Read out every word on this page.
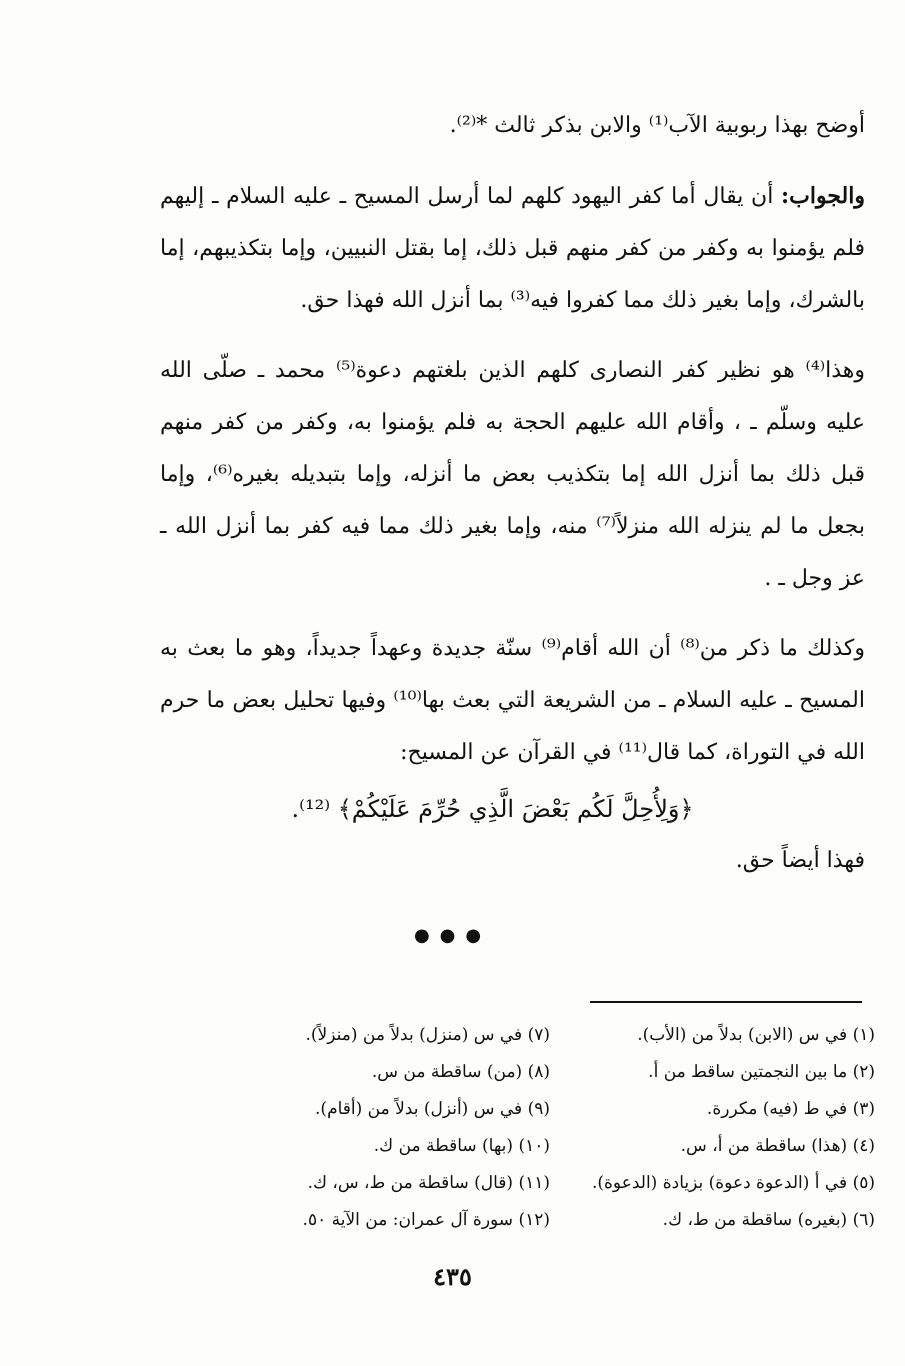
أوضح بهذا ربوبية الآب⁽¹⁾ والابن بذكر ثالث *⁽²⁾.

والجواب: أن يقال أما كفر اليهود كلهم لما أرسل المسيح ـ عليه السلام ـ إليهم فلم يؤمنوا به وكفر من كفر منهم قبل ذلك، إما بقتل النبيين، وإما بتكذيبهم، إما بالشرك، وإما بغير ذلك مما كفروا فيه⁽³⁾ بما أنزل الله فهذا حق.

وهذا⁽⁴⁾ هو نظير كفر النصارى كلهم الذين بلغتهم دعوة⁽⁵⁾ محمد ـ صلّى الله عليه وسلّم ـ ، وأقام الله عليهم الحجة به فلم يؤمنوا به، وكفر من كفر منهم قبل ذلك بما أنزل الله إما بتكذيب بعض ما أنزله، وإما بتبديله بغيره⁽⁶⁾، وإما بجعل ما لم ينزله الله منزلاً⁽⁷⁾ منه، وإما بغير ذلك مما فيه كفر بما أنزل الله ـ عز وجل ـ .

وكذلك ما ذكر من⁽⁸⁾ أن الله أقام⁽⁹⁾ سنّة جديدة وعهداً جديداً، وهو ما بعث به المسيح ـ عليه السلام ـ من الشريعة التي بعث بها⁽¹⁰⁾ وفيها تحليل بعض ما حرم الله في التوراة، كما قال⁽¹¹⁾ في القرآن عن المسيح:

﴿وَلِأُحِلَّ لَكُم بَعْضَ الَّذِي حُرِّمَ عَلَيْكُمْ﴾ ⁽¹²⁾.

فهذا أيضاً حق.

●●●
(١) في س (الابن) بدلاً من (الأب).
(٢) ما بين النجمتين ساقط من أ.
(٣) في ط (فيه) مكررة.
(٤) (هذا) ساقطة من أ، س.
(٥) في أ (الدعوة دعوة) بزيادة (الدعوة).
(٦) (بغيره) ساقطة من ط، ك.
(٧) في س (منزل) بدلاً من (منزلاً).
(٨) (من) ساقطة من س.
(٩) في س (أنزل) بدلاً من (أقام).
(١٠) (بها) ساقطة من ك.
(١١) (قال) ساقطة من ط، س، ك.
(١٢) سورة آل عمران: من الآية ٥٠.
٤٣٥
